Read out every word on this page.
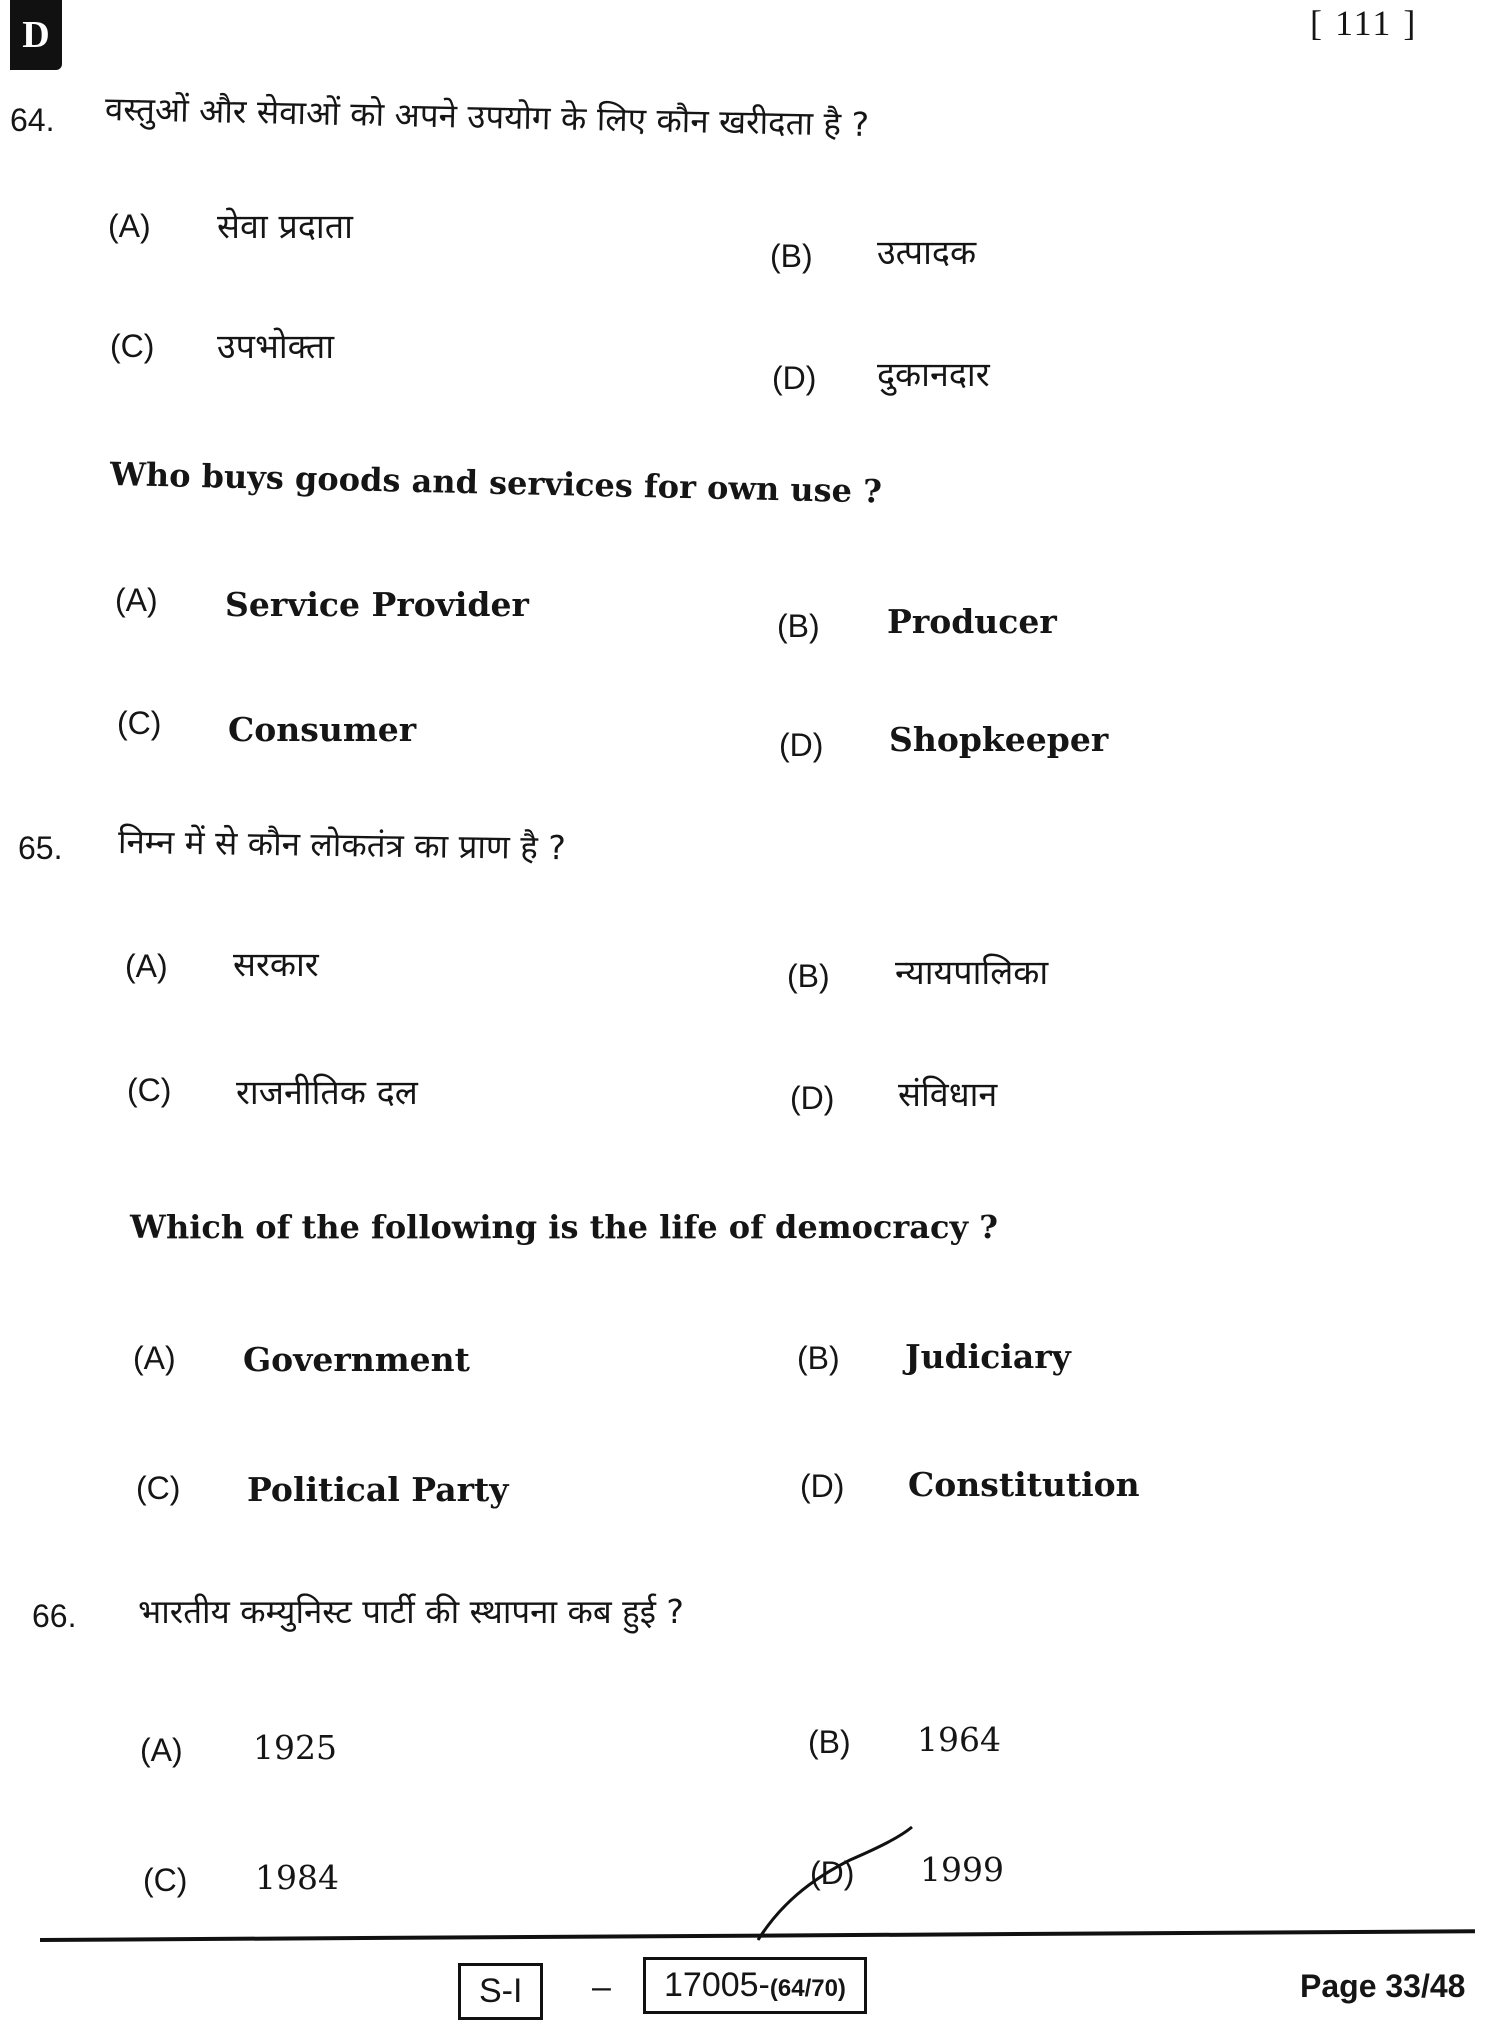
D	[ 111 ]
64. वस्तुओं और सेवाओं को अपने उपयोग के लिए कौन खरीदता है ?
(A) सेवा प्रदाता
(B) उत्पादक
(C) उपभोक्ता
(D) दुकानदार
Who buys goods and services for own use ?
(A) Service Provider
(B) Producer
(C) Consumer	(D) Shopkeeper
65. निम्न में से कौन लोकतंत्र का प्राण है ?
(A) सरकार	(B) न्यायपालिका
(C) राजनीतिक दल	(D) संविधान
Which of the following is the life of democracy ?
(A) Government	(B) Judiciary
(C) Political Party	(D) Constitution
66. भारतीय कम्युनिस्ट पार्टी की स्थापना कब हुई ?
(A) 1925	(B) 1964
(C) 1984	(D) 1999
S-I	–	17005-(64/70)	Page 33/48
